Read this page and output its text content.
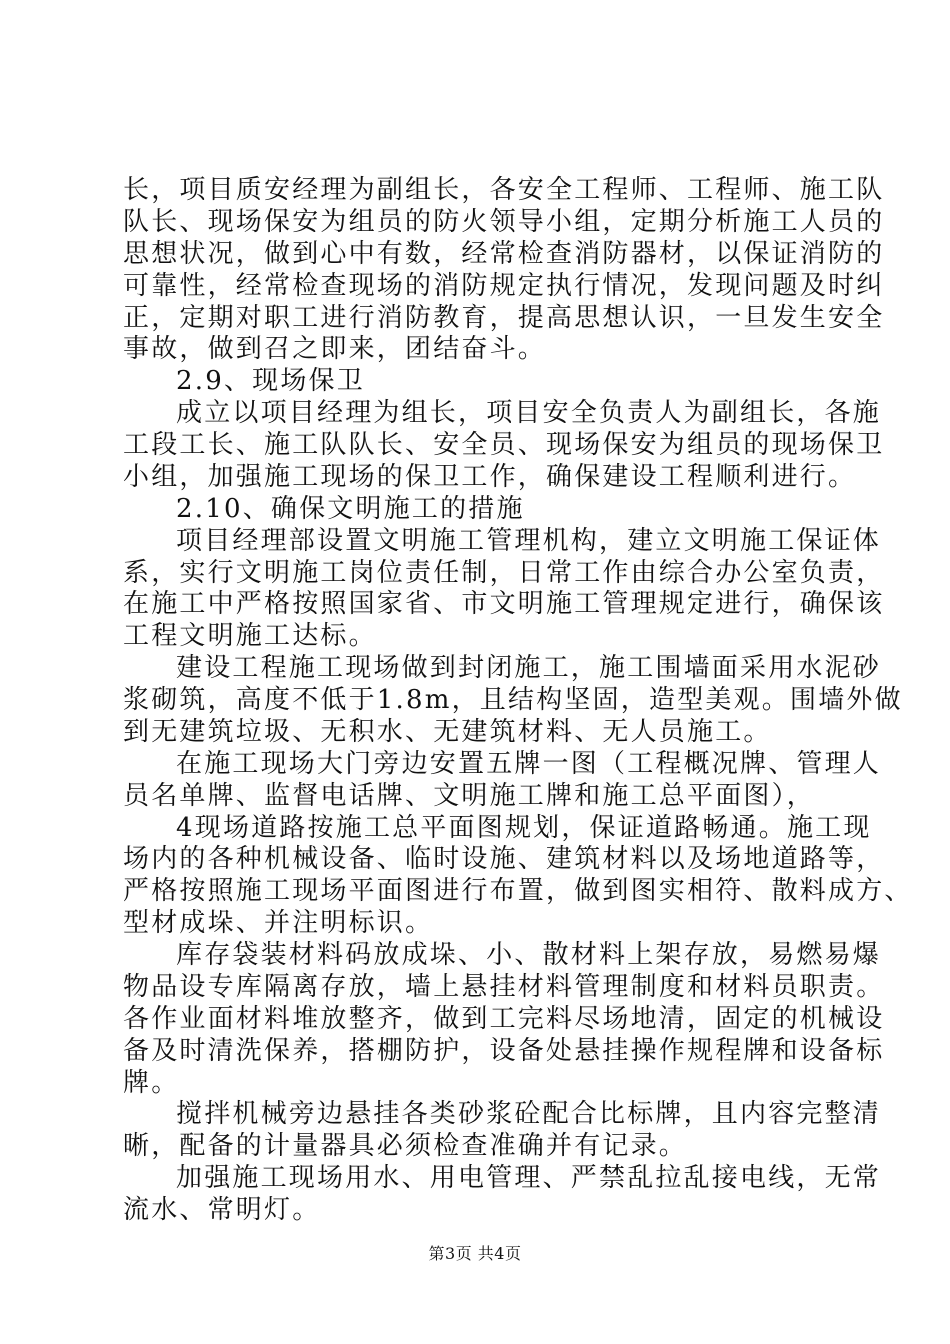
长，项目质安经理为副组长，各安全工程师、工程师、施工队
队长、现场保安为组员的防火领导小组，定期分析施工人员的
思想状况，做到心中有数，经常检查消防器材，以保证消防的
可靠性，经常检查现场的消防规定执行情况，发现问题及时纠
正，定期对职工进行消防教育，提高思想认识，一旦发生安全
事故，做到召之即来，团结奋斗。
2.9、现场保卫
成立以项目经理为组长，项目安全负责人为副组长，各施
工段工长、施工队队长、安全员、现场保安为组员的现场保卫
小组，加强施工现场的保卫工作，确保建设工程顺利进行。
2.10、确保文明施工的措施
项目经理部设置文明施工管理机构，建立文明施工保证体
系，实行文明施工岗位责任制，日常工作由综合办公室负责，
在施工中严格按照国家省、市文明施工管理规定进行，确保该
工程文明施工达标。
建设工程施工现场做到封闭施工，施工围墙面采用水泥砂
浆砌筑，高度不低于1.8m，且结构坚固，造型美观。围墙外做
到无建筑垃圾、无积水、无建筑材料、无人员施工。
在施工现场大门旁边安置五牌一图（工程概况牌、管理人
员名单牌、监督电话牌、文明施工牌和施工总平面图），
4现场道路按施工总平面图规划，保证道路畅通。施工现
场内的各种机械设备、临时设施、建筑材料以及场地道路等，
严格按照施工现场平面图进行布置，做到图实相符、散料成方、
型材成垛、并注明标识。
库存袋装材料码放成垛、小、散材料上架存放，易燃易爆
物品设专库隔离存放，墙上悬挂材料管理制度和材料员职责。
各作业面材料堆放整齐，做到工完料尽场地清，固定的机械设
备及时清洗保养，搭棚防护，设备处悬挂操作规程牌和设备标
牌。
搅拌机械旁边悬挂各类砂浆砼配合比标牌，且内容完整清
晰，配备的计量器具必须检查准确并有记录。
加强施工现场用水、用电管理、严禁乱拉乱接电线，无常
流水、常明灯。
第3页 共4页
